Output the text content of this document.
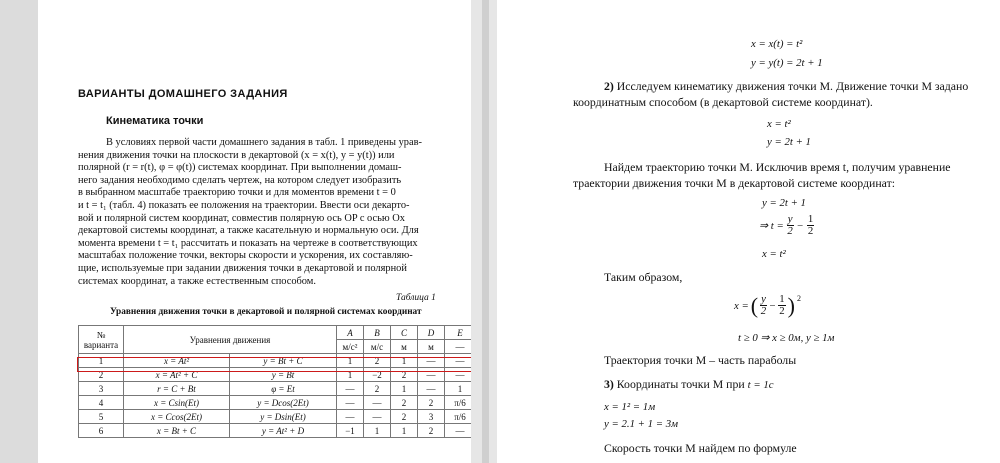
ВАРИАНТЫ ДОМАШНЕГО ЗАДАНИЯ
Кинематика точки
В условиях первой части домашнего задания в табл. 1 приведены урав-
нения движения точки на плоскости в декартовой (x = x(t), y = y(t)) или
полярной (r = r(t), φ = φ(t)) системах координат. При выполнении домаш-
него задания необходимо сделать чертеж, на котором следует изобразить
в выбранном масштабе траекторию точки и для моментов времени t = 0
и t = t₁ (табл. 4) показать ее положения на траектории. Ввести оси декарто-
вой и полярной систем координат, совместив полярную ось OP с осью Ox
декартовой системы координат, а также касательную и нормальную оси. Для
момента времени t = t₁ рассчитать и показать на чертеже в соответствующих
масштабах положение точки, векторы скорости и ускорения, их составляю-
щие, используемые при задании движения точки в декартовой и полярной
системах координат, а также естественным способом.
Таблица 1
Уравнения движения точки в декартовой и полярной системах координат
№ варианта	Уравнения движения		A	B	C	D	E
			м/с²	м/с	м	м	—
1	x = At²	y = Bt + C	1	2	1	—	—
2	x = At² + C	y = Bt	1	−2	2	—	—
3	r = C + Bt	φ = Et	—	2	1	—	1
4	x = Csin(Et)	y = Dcos(2Et)	—	—	2	2	π/6
5	x = Ccos(2Et)	y = Dsin(Et)	—	—	2	3	π/6
6	x = Bt + C	y = At² + D	−1	1	1	2	—
x = x(t) = t²
y = y(t) = 2t + 1
2) Исследуем кинематику движения точки М. Движение точки М задано
координатным способом (в декартовой системе координат).
x = t²
y = 2t + 1
Найдем траекторию точки М. Исключив время t, получим уравнение
траектории движения точки М в декартовой системе координат:
y = 2t + 1
⇒ $t = \frac{y}{2} - \frac{1}{2}$
x = t²
Таким образом,
x = ( $\frac{y}{2} - \frac{1}{2}$ ) 2
t ≥ 0 ⇒ x ≥ 0м, y ≥ 1м
Траектория точки М – часть параболы
3) Координаты точки М при t = 1с
x = 1² = 1м
y = 2.1 + 1 = 3м
Скорость точки М найдем по формуле
